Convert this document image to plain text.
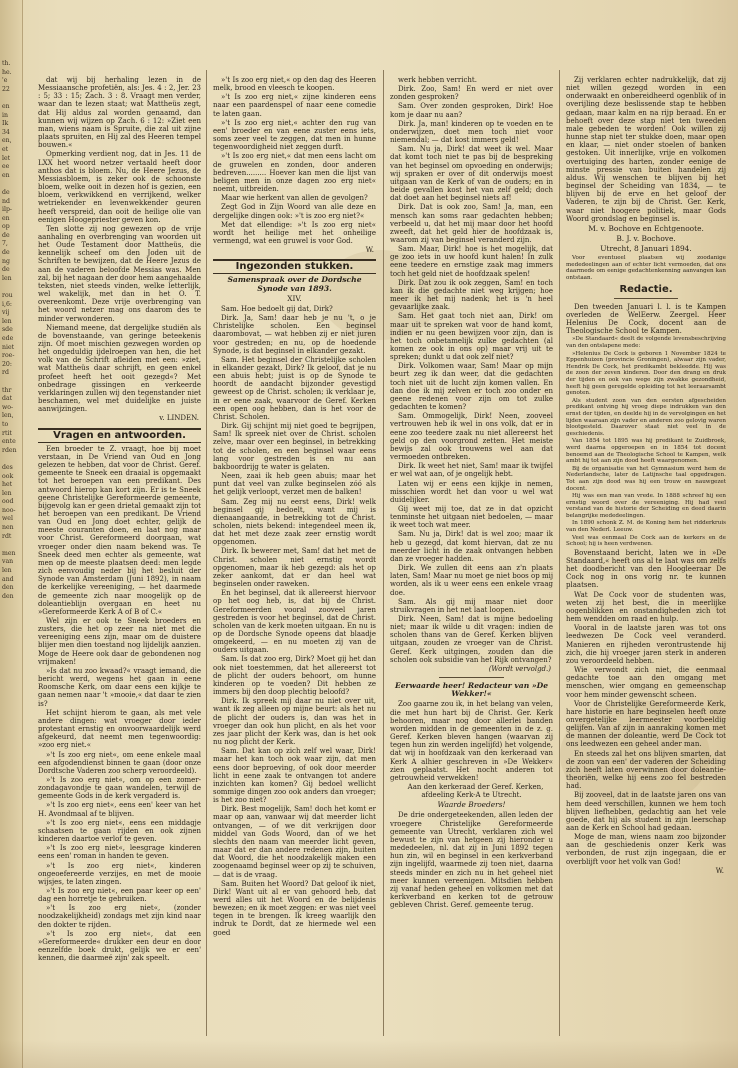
th.
he.
'e
22

en
in
Ik
34
en,
et
let
ee
en

de
nd
ilp-
en
op
de
7,
de
ng
de
len

rou
i,6:
vij
len
sde
ede
niet
roe-
20:
rd

thr
dat
wo-
len,
to
rtit
ente
rden

des
ook
het
len
ood
noo-
wel
nen
rdt

men
van
len
and
den
den

dat wij bij herhaling lezen in de Messiaansche profetiën, als: Jes. 4 : 2, Jer. 23 : 5; 33 : 15; Zach. 3 : 8. Vraagt men verder, waar dan te lezen staat; wat Mattheüs zegt, dat Hij aldus zal worden genaamd, dan kunnen wij wijzen op Zach. 6 : 12: »Ziet een man, wiens naam is Spruite, die zal uit zijne plaats spruiten, en Hij zal des Heeren tempel bouwen.«

Opmerking verdient nog, dat in Jes. 11 de LXX het woord netzer vertaald heeft door anthos dat is bloem. Nu, de Heere Jezus, de Messiasbloem, is zeker ook de schoonste bloem, welke ooit in dezen hof is gezien, een bloem, verkwikkend en verrijkend, welker wetriekender en levenwekkender geuren heeft verspreid, dan ooit de heilige olie van eenigen Hoogepriester geven kon.

Ten slotte zij nog gewezen op de vrije aanhaling en overbrenging van woorden uit het Oude Testament door Mattheüs, die kennelijk scheef om den Joden uit de Schriften te bewijzen, dat de Heere Jezus de aan de vaderen beloofde Messias was. Men zal, bij het nagaan der door hem aangehaalde teksten, niet steeds vinden, welke letterlijk, wel wakelijk, met dan in het O. T. overeenkomt. Deze vrije overbrenging van het woord netzer mag ons daarom des te minder verwonderen.

Niemand meene, dat dergelijke studiën als de bovenstaande, van geringe beteekenis zijn. Of moet mischien gezwegen worden op het ongeduldig ijdelroepen van hen, die het volk van de Schrift afleiden met een: »ziet, wat Mattheüs daar schrijft, en geen enkel profeet heeft het ooit gezegd«? Met onbedrage gissingen en verkeerde verklaringen zullen wij den tegenstander niet beschamen, wel met duidelijke en juiste aanwijzingen.

v. LINDEN.
Vragen en antwoorden.

Een broeder te Z. vraagt, hoe bij moet verstaan, in De Vriend van Oud en Jong gelezen te hebben, dat voor de Christ. Geref. gemeente te Sneek een draaial is opgemaakt tot het beroepen van een predikant. Des antwoord hierop kan kort zijn. Er is te Sneek geene Christelijke Gereformeerde gemeente, bijgevolg kan er geen drietal gemaakt zijn tot het beroepen van een predikant. De Vriend van Oud en Jong doet echter, gelijk de meeste couranten doen, en laat nog maar voor Christ. Gereformeerd doorgaan, wat vroeger onder dien naam bekend was. Te Sneek deed men echter als gemeente, wat men op de meeste plaatsen deed: men legde zich eenvoudig neder bij het besluit der Synode van Amsterdam (Juni 1892), in naam de kerkelijke vereeniging, — het daarmede de gemeente zich naar moogelijk op de doleantieblijn overgaan en heet nu »Gereformeerde Kerk A of B of C.«

Wel zijn er ook te Sneek broeders en zusters, die het op zeer na niet met die vereeniging eens zijn, maar om de duistere blijer men dien toestand nog lijdelijk aanzien. Moge de Heere ook daar de gebondenen nog vrijmaken!

»Is dat nu zoo kwaad?« vraagt iemand, die bericht werd, wegens het gaan in eene Roomsche Kerk, om daar eens een kijkje te gaan nemen naar 't »mooie,« dat daar te zien is?

Het schijnt hierom te gaan, als met vele andere dingen: wat vroeger door ieder protestant ernstig en onvoorwaardelijk werd afgekeurd, dat neemt men tegenwoordig: »zoo erg niet.«

»'t Is zoo erg niet«, om eene enkele maal een afgodendienst binnen te gaan (door onze Dordtsche Vaderen zoo scherp veroordeeld).

»'t Is zoo erg niet«, om op een zomer-zondagavondje te gaan wandelen, terwijl de gemeente Gods in de kerk vergaderd is.

»'t Is zoo erg niet«, eens een' keer van het H. Avondmaal af te blijven.

»'t Is zoo erg niet«, eens een middagje schaatsen te gaan rijden en ook zijnen kinderen daartoe verlof te geven.

»'t Is zoo erg niet«, leesgrage kinderen eens een' roman in handen te geven.

»'t Is zoo erg niet«, kinderen ongeoefereerde verzijes, en met de mooie wijsjes, te laten zingen.

»'t Is zoo erg niet«, een paar keer op een' dag een horretje te gebruiken.

»'t Is zoo erg niet«, (zonder noodzakelijkheid) zondags met zijn kind naar den dokter te rijden.

»'t Is zoo erg niet«, dat een »Gereformeerde« drukker een deur en door eenzelfde boek drukt, gelijk we er een' kennen, die daarmeé zijn' zak speelt.

»'t Is zoo erg niet,« op den dag des Heeren melk, brood en vleesch te koopen.

»'t Is zoo erg niet,« zijne kinderen eens naar een paardenspel of naar eene comedie te laten gaan.

»'t Is zoo erg niet,« achter den rug van een' broeder en van eene zuster eens iets, soms zeer veel te zeggen, dat men in hunne tegenwoordigheid niet zeggen durft.

»'t Is zoo erg niet,« dat men eens lacht om de gruwelen en zonden, door anderen bedreven......... Hoever kan men die lijst van beligen men in onze dagen zoo erg niet« noemt, uitbreiden.

Maar wie herkent van allen de gevolgen?

Zegt God in Zijn Woord van alle deze en dergelijke dingen ook: »'t is zoo erg niet?«

Met dat ellendige: »'t Is zoo erg niet« wordt het heilige met het onheilige vermengd, wat een gruwel is voor God.

W.
Ingezonden stukken.
Samenspraak over de Dordsche Synode van 1893.
XIV.

Sam. Hoe bedoelt gij dat, Dirk?

Dirk. Ja, Sam! daar heb je nu 't, o je Christelijke scholen. Een beginsel daarombovat, — wat hebben zij er niet juren voor gestreden; en nu, op de hoedende Synode, is dat beginsel in elkander gezakt.

Sam. Het beginsel der Christelijke scholen in elkander gezakt, Dirk? Ik geloof, dat je nu een abuis hebt; juist is op de Synode te hoordt de aandacht bijzonder gevestigd geweest op de Christ. scholen; ik verklaar je, in er eene zaak, waarvoor de Geref. Kerken een open oog hebben, dan is het voor de Christ. Scholen.

Dirk. Gij schijnt mij niet goed te begrijpen, Sam! Ik spreek niet over de Christ. scholen zelve, maar over een beginsel, in betrekking tot de scholen, en een beginsel waar eens lang voor gestreden is en nu aan bakboordrijg te water is gelaten.

Neen, zaai ik heb geen abuis; maar het punt dat veel van zulke beginselen zóó als het gelijk verloopt, verzet men de balken!

Sam. Zeg mij nu eerst eens, Dirk! welk beginsel gij bedoelt, want mij is dienaangaande, in betrekking tot de Christ. scholen, niets bekend: integendeel meen ik, dat het met deze zaak zeer ernstig wordt opgenomen.

Dirk. Ik bewerer met, Sam! dat het met de Christ. scholen niet ernstig wordt opgenomen, maar ik heb gezegd: als het op zeker aankomt, dat er dan heel wat beginselen onder raweken.

En het beginsel, dat ik allereerst hiervoor op het oog heb, is, dat bij de Christ. Gereformeerden vooral zooveel jaren gestreden is voor het beginsel, dat de Christ. scholen van de kerk moeten uitgaan. En nu is op de Dordsche Synode opeens dat blaadje omgekeerd, — en nu moeten zij van de ouders uitgaan.

Sam. Is dat zoo erg, Dirk? Moet gij het dan ook niet toestemmen, dat het allereerst tot de plicht der ouders behoort, om hunne kinderen op te voeden? Dit hebben ze immers bij den doop plechtig beloofd?

Dirk. Ik spreek mij daar nu niet over uit, want ik zeg alleen op mijne beurt: als het nu de plicht der ouders is, dan was het in vroeger dan ook hun plicht, en als het voor zes jaar plicht der Kerk was, dan is het ook nu nog plicht der Kerk.

Sam. Dat kan op zich zelf wel waar, Dirk! maar het kan toch ook waar zijn, dat men eens door beproeving, of ook door meerder licht in eene zaak te ontvangen tot andere inzichten kan komen? Gij bedoel wellicht sommige dingen zoo ook anders dan vroeger; is het zoo niet?

Dirk. Best mogelijk, Sam! doch het komt er maar op aan, vanwaar wij dat meerder licht ontvangen, — of we dit verkrijgen door middel van Gods Woord, dan of we het slechts den naam van meerder licht geven, maar dat er dan andere redenen zijn, buiten dat Woord, die het noodzakelijk maken een zoogenaamd beginsel weer op zij te schuiven, — dat is de vraag.

Sam. Buiten het Woord? Dat geloof ik niet, Dirk! Want uit al er van gehoord heb, dat werd alles uit het Woord en de belijdenis bewezen; en ik moet zeggen: er was niet veel tegen in te brengen. Ik kreeg waarlijk den indruk te Dordt, dat ze hiermede wel een goed

werk hebben verricht.

Dirk. Zoo, Sam! En werd er niet over zonden gesproken?

Sam. Over zonden gesproken, Dirk! Hoe kom je daar nu aan?

Dirk. Ja, man! kinderen op te voeden en te onderwijzen, doet men toch niet voor niemendal; — dat kost immers geld!

Sam. Nu ja, Dirk! dat weet ik wel. Maar dat komt toch niet te pas bij de bespreking van het beginsel om opvoeding en onderwijs; wij spraken er over of dit onderwijs moest uitgaan van de Kerk of van de ouders; en in beide gevallen kost het van zelf geld; doch dat doet aan het beginsel niets af!

Dirk. Dat is ook zoo, Sam! Ja, man, een mensch kan soms raar gedachten hebben; verbeeld u, dat het mij maar door het hoofd zweeft, dat het geld hier de hoofdzaak is, waarom zij van beginsel veranderd zijn.

Sam. Maar, Dirk! hoe is het mogelijk, dat ge zoo iets in uw hoofd kunt halen! In zulk eene teedere en ernstige zaak mag immers toch het geld niet de hoofdzaak spelen!

Dirk. Dat zou ik ook zeggen, Sam! en toch kan ik die gedachte niet weg krijgen; hoe meer ik het mij nadenk; het is 'n heel gevaarlijke zaak.

Sam. Het gaat toch niet aan, Dirk! om maar uit te spreken wat voor de hand komt, indien er nu geen bewijzen voor zijn, dan is het toch onbetamelijk zulke gedachten (al komen ze ook in ons op) maar vrij uit te spreken; dunkt u dat ook zelf niet?

Dirk. Volkomen waar, Sam! Maar op mijn beurt zeg ik dan weer, dat die gedachten toch niet uit de lucht zijn komen vallen. En dan doe ik mij zelven er toch zoo onder en geene redenen voor zijn om tot zulke gedachten te komen?

Sam. Ommogelijk, Dirk! Neen, zooveel vertrouwen heb ik wel in ons volk, dat er in eene zoo teedere zaak nu niet allereerst het geld op den voorgrond zetten. Het meiste bewijs zal ook trouwens wel aan dat vermoeden ontbreken.

Dirk. Ik weet het niet, Sam! maar ik twijfel er wel wat aan, of je ongelijk hebt.

Laten wij er eens een kijkje in nemen, misschien wordt het dan voor u wel wat duidelijker.

Gij weet mij toe, dat ze in dat opzicht tenminste het uitgaan niet bedoelen, — maar ik weet toch wat meer.

Sam. Nu ja, Dirk! dat is wel zoo; maar ik heb u gezegd, dat komt hiervan, dat ze nu meerder licht in de zaak ontvangen hebben dan ze vroeger hadden.

Dirk. We zullen dit eens aan z'n plaats laten, Sam! Maar nu moet ge niet boos op mij worden, als ik u weer eens een enkele vraag doe.

Sam. Als gij mij maar niet door struikvragen in het net laat loopen.

Dirk. Neen, Sam! dat is mijne bedoeling niet; maar ik wilde u dit vragen: indien de scholen thans van de Geref. Kerken blijven uitgaan, zouden ze vroeger van de Christ. Geref. Kerk uitgingen, zouden dan die scholen ook subsidie van het Rijk ontvangen?

(Wordt vervolgd.)
Eerwaarde heer! Redacteur van »De Wekker!«

Zoo gaarne zou ik, in het belang van velen, die met hun hart bij de Christ. Ger. Kerk behooren, maar nog door allerlei banden worden midden in de gemeenten in de z. g. Geref. Kerken bleven hangen (waarvan zij tegen hun zin werden ingelijfd) het volgende, dat wij in hoofdzaak van den kerkeraad van Kerk A alhier geschreven in »De Wekker« zien geplaatst. Het nocht anderen tot getrouwheid verwekken!

Aan den kerkeraad der Geref. Kerken, afdeeling Kerk-A te Utrecht.

Waarde Broeders!

De drie ondergeteekenden, allen leden der vroegere Christelijke Gereformeerde gemeente van Utrecht, verklaren zich wel bewust te zijn van hetgeen zij hieronder u mededeelen, nl. dat zij in Juni 1892 tegen hun zin, wil en beginsel in een kerkverband zijn ingelijfd, waarmede zij toen niet, daarna steeds minder en zich nu in het geheel niet meer kunnen vereenigen. Mitsdien hebben zij vanaf heden geheel en volkomen met dat kerkverband en kerken tot de getrouw gebleven Christ. Geref. gemeente terug.

Zij verklaren echter nadrukkelijk, dat zij niet willen gezegd worden in een onderwaakt en onbereidheerd ogenblik of in overijling deze beslissende stap te hebben gedaan, maar kalm en na rijp beraad. En er behoeft over deze stap niet ten tweeden male gebeden te worden! Ook willen zij hunne stap niet ter stukke doen, maar open en klaar, — niet onder stoelen of banken gestoken. Uit innerlijke, vrije en volkomen overtuiging des harten, zonder eenige de minste pressie van buiten handelen zij aldus. Wij wenschen te blijven bij het beginsel der Scheiding van 1834, — te blijven bij de erve en het geloof der Vaderen, te zijn bij de Christ. Ger. Kerk, waar niet hoogere politiek, maar Gods Woord grondslag en beginsel is.

M. v. Bochove en Echtgenoote.
B. J. v. Bochove.
Utrecht, 8 Januari 1894.

Voor eventueel plaatsen wij zoodanige mededeelingen aan of echter licht vermoeden, dat ons daarmede om eenige gedachtenkenning aanvangen kan ontstaan.

Redactie.

Den tweeden Januari l. l. is te Kampen overleden de WelEerw. Zeergel. Heer Helenius De Cock, docent aan de Theologische School te Kampen.

»De Standaard« deelt de volgende levensbeschrijving van den ontslapene mede:

»Helenius De Cock is geboren 1 November 1824 te Eppenhuizen (provincie Groningen), alwaar zijn vader, Hendrik De Cock, het predikambt bekleedde. Hij was de zoon der zeven kinderen. Door den drang en druk der tijden en ook van wege zijn zwakke gezondheid, heeft hij geen geregelde opleiding tot het leeraarsambt genoten.

Als student zoon van den eersten afgescheiden predikant ontving hij vroeg diepe indrukken van den ernst der tijden, en deelde hij in de vervolgingen en het lijden waaraan zijn vader en anderen zoo gelovig waren blootgesteld. Daarover staat niet veel in de geschiedenis.

Van 1854 tot 1895 was hij predikant te Zuidbroek, werd daarna opgeroepen en in 1854 tot docent benoemd aan de Theologische School te Kampen, welk ambt hij tot aan zijn dood heeft waargenomen.

Bij de organisatie van het Gymnasium werd hem de Nederlandsche, later de Latijnsche taal opgedragen. Tot aan zijn dood was hij een trouw en nauwgezet docent.

Hij was een man van vrede. In 1888 schreef hij een ernstig woord over de vereeniging. Hij had veel verstand van de historie der Scheiding en deed daarin belangrijke mededeelingen.

In 1890 schonk Z. M. de Koning hem het ridderkruis van den Nederl. Leeuw.

Veel was eenmaal De Cock aan de kerkers en de School; hij is heen verdwenen.

Bovenstaand bericht, laten we in »De Standaard,« heeft ons al te laat was om zelfs het doodbericht van den Hoogleeraar De Cock nog in ons vorig nr. te kunnen plaatsen.

Wat De Cock voor de studenten was, weten zij het best, die in meerlijke oogenblikken en onstandigheden zich tot hem wendden om raad en hulp.

Vooral in de laatste jaren was tot ons leedwezen De Cock veel veranderd. Manieren en rijheden verontrustende hij zich, die hij vroeger jaren sterk in anderen zou veroordeeld hebben.

Wie verwondt zich niet, die eenmaal gedachte toe aan den omgang met menschen, wier omgang en gemeenschap voor hem minder gewenscht scheen.

Voor de Christelijke Gereformeerde Kerk, hare historie en hare beginselen heeft onze onvergetelijke leermeester voorbeeldig gelijfen. Van af zijn in aanraking komen met de mannen der doleantie, werd De Cock tot ons leedwezen een geheel ander man.

En steeds zal het ons blijven smarten, dat de zoon van een' der vaderen der Scheiding zich heeft laten overwinnen door doleantie-theoriën, welke hij eens zoo fel bestreden had.

Bij zooveel, dat in de laatste jaren ons van hem deed verschillen, kunnen we hem toch blijven liefhebben, gedachtig aan het vele goede, dat hij als student in zijn leerschap aan de Kerk en School had gedaan.

Moge de man, wiens naam zoo bijzonder aan de geschiedenis onzer Kerk was verbonden, de rust zijn ingegaan, die er overblijft voor het volk van God!

W.
